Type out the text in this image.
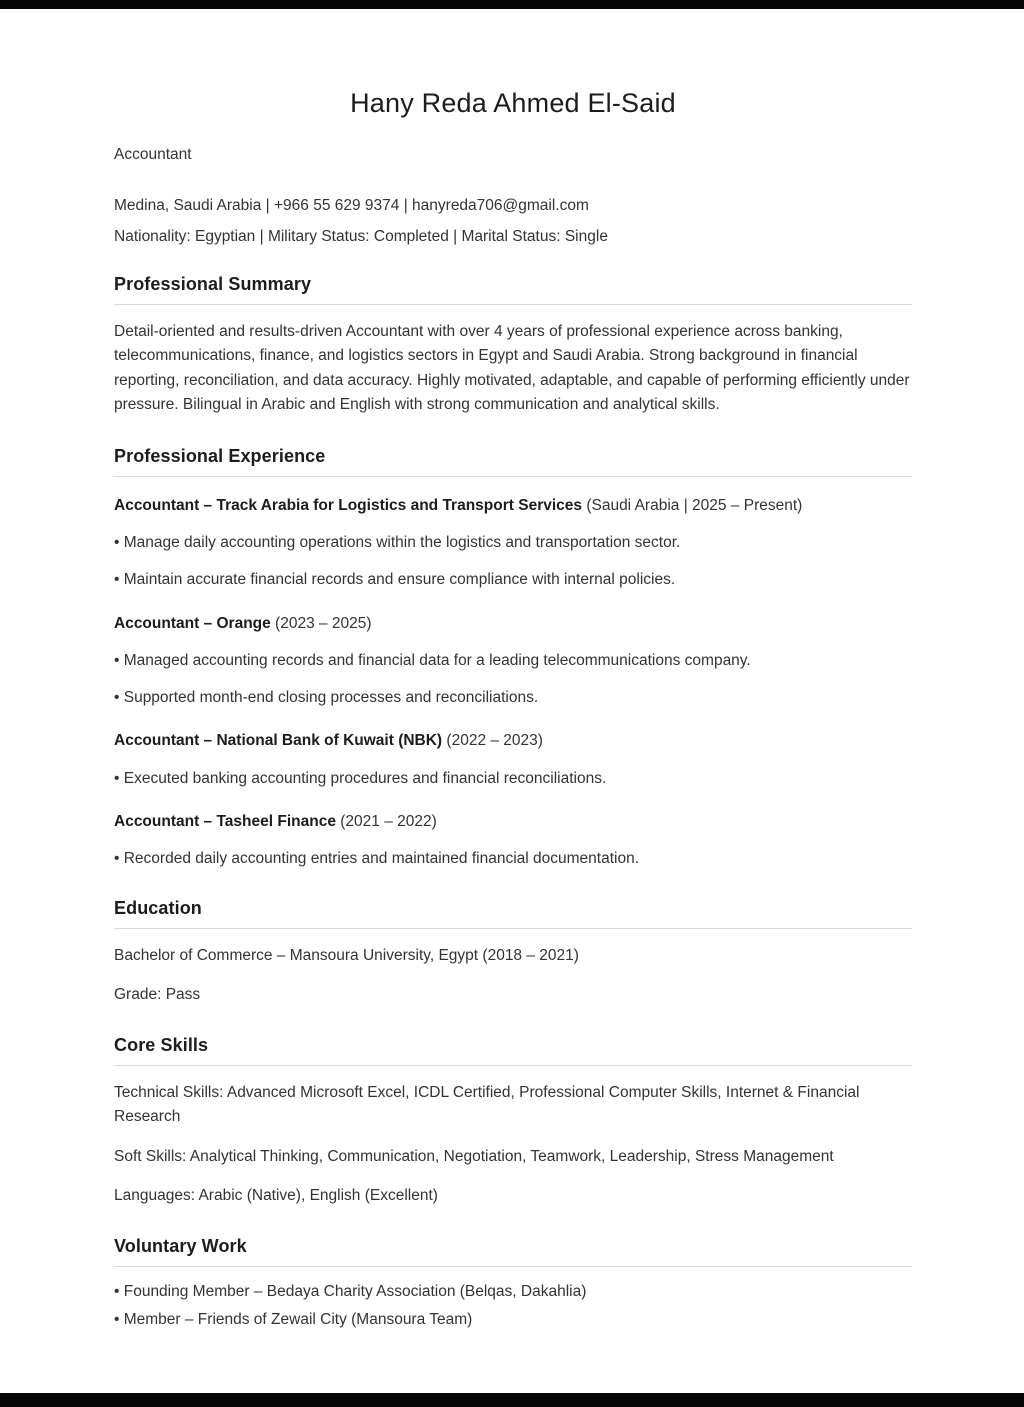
Hany Reda Ahmed El-Said

Accountant

Medina, Saudi Arabia | +966 55 629 9374 | hanyreda706@gmail.com

Nationality: Egyptian | Military Status: Completed | Marital Status: Single

Professional Summary

Detail-oriented and results-driven Accountant with over 4 years of professional experience across banking, telecommunications, finance, and logistics sectors in Egypt and Saudi Arabia. Strong background in financial reporting, reconciliation, and data accuracy. Highly motivated, adaptable, and capable of performing efficiently under pressure. Bilingual in Arabic and English with strong communication and analytical skills.

Professional Experience

Accountant – Track Arabia for Logistics and Transport Services (Saudi Arabia | 2025 – Present)

• Manage daily accounting operations within the logistics and transportation sector.

• Maintain accurate financial records and ensure compliance with internal policies.

Accountant – Orange (2023 – 2025)

• Managed accounting records and financial data for a leading telecommunications company.

• Supported month-end closing processes and reconciliations.

Accountant – National Bank of Kuwait (NBK) (2022 – 2023)

• Executed banking accounting procedures and financial reconciliations.

Accountant – Tasheel Finance (2021 – 2022)

• Recorded daily accounting entries and maintained financial documentation.

Education

Bachelor of Commerce – Mansoura University, Egypt (2018 – 2021)

Grade: Pass

Core Skills

Technical Skills: Advanced Microsoft Excel, ICDL Certified, Professional Computer Skills, Internet & Financial Research

Soft Skills: Analytical Thinking, Communication, Negotiation, Teamwork, Leadership, Stress Management

Languages: Arabic (Native), English (Excellent)

Voluntary Work

• Founding Member – Bedaya Charity Association (Belqas, Dakahlia)

• Member – Friends of Zewail City (Mansoura Team)
